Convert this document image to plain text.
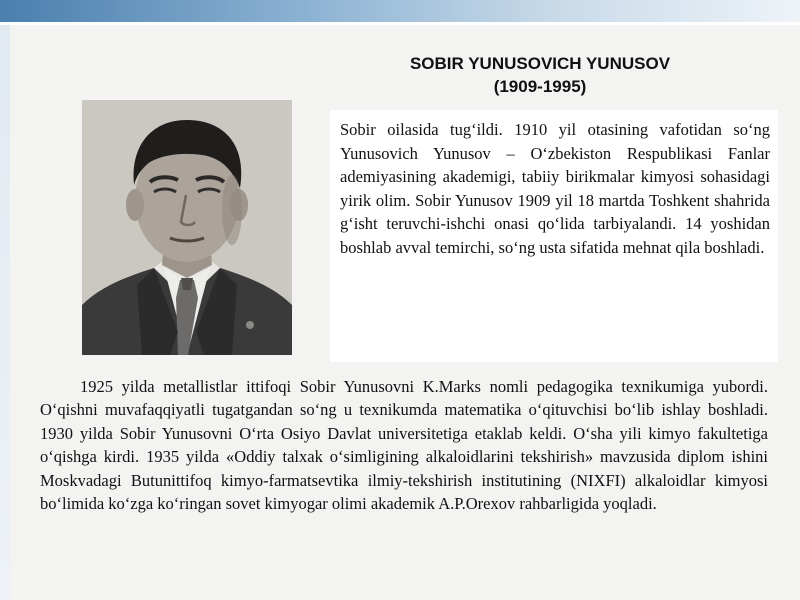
SOBIR YUNUSOVICH YUNUSOV
(1909-1995)

Sobir oilasida tug‘ildi. 1910 yil otasining vafotidan so‘ng Yunusovich Yunusov – O‘zbekiston Respublikasi Fanlar ademiyasining akademigi, tabiiy birikmalar kimyosi sohasidagi yirik olim. Sobir Yunusov 1909 yil 18 martda Toshkent shahrida g‘isht teruvchi-ishchi onasi qo‘lida tarbiyalandi. 14 yoshidan boshlab avval temirchi, so‘ng usta sifatida mehnat qila boshladi.

1925 yilda metallistlar ittifoqi Sobir Yunusovni K.Marks nomli pedagogika texnikumiga yubordi. O‘qishni muvafaqqiyatli tugatgandan so‘ng u texnikumda matematika o‘qituvchisi bo‘lib ishlay boshladi. 1930 yilda Sobir Yunusovni O‘rta Osiyo Davlat universitetiga etaklab keldi. O‘sha yili kimyo fakultetiga o‘qishga kirdi. 1935 yilda «Oddiy talxak o‘simligining alkaloidlarini tekshirish» mavzusida diplom ishini Moskvadagi Butunittifoq kimyo-farmatsevtika ilmiy-tekshirish institutining (NIXFI) alkaloidlar kimyosi bo‘limida ko‘zga ko‘ringan sovet kimyogar olimi akademik A.P.Orexov rahbarligida yoqladi.
